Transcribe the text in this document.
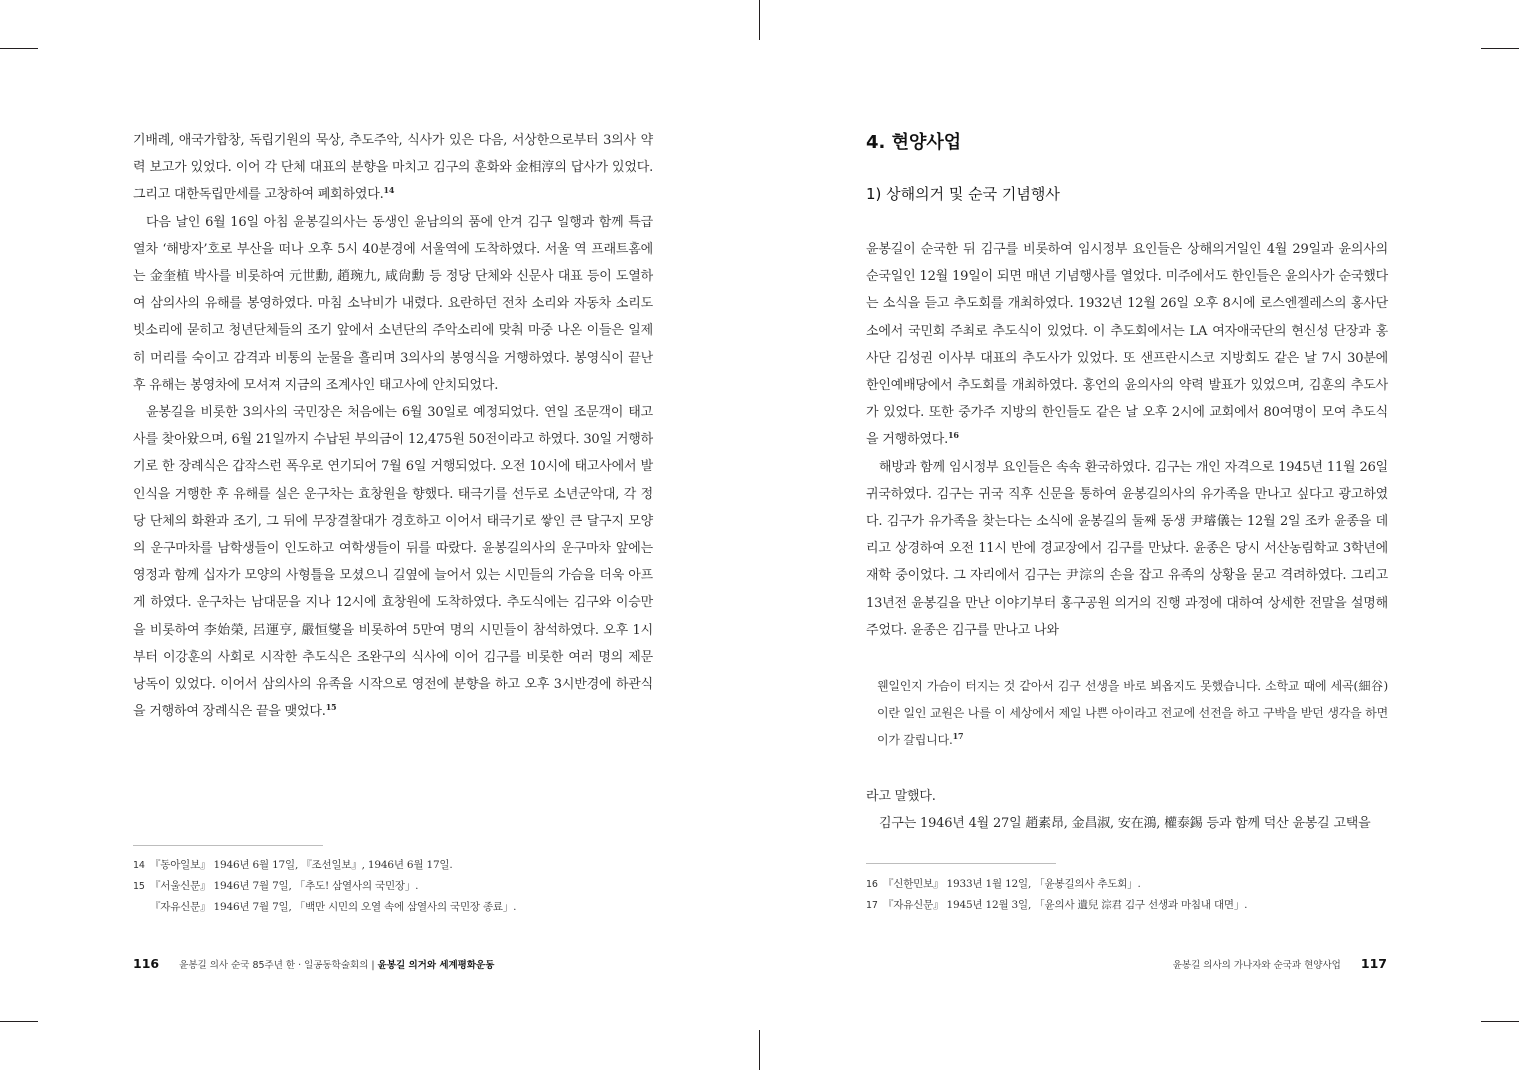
기배례, 애국가합창, 독립기원의 묵상, 추도주악, 식사가 있은 다음, 서상한으로부터 3의사 약력 보고가 있었다. 이어 각 단체 대표의 분향을 마치고 김구의 훈화와 金相淳의 답사가 있었다. 그리고 대한독립만세를 고창하여 폐회하였다.$^{14}$

다음 날인 6월 16일 아침 윤봉길의사는 동생인 윤남의의 품에 안겨 김구 일행과 함께 특급열차 ‘해방자’호로 부산을 떠나 오후 5시 40분경에 서울역에 도착하였다. 서울 역 프래트홈에는 金奎植 박사를 비롯하여 元世勳, 趙琬九, 咸尙勳 등 정당 단체와 신문사 대표 등이 도열하여 삼의사의 유해를 봉영하였다. 마침 소낙비가 내렸다. 요란하던 전차 소리와 자동차 소리도 빗소리에 묻히고 청년단체들의 조기 앞에서 소년단의 주악소리에 맞춰 마중 나온 이들은 일제히 머리를 숙이고 감격과 비통의 눈물을 흘리며 3의사의 봉영식을 거행하였다. 봉영식이 끝난 후 유해는 봉영차에 모셔져 지금의 조계사인 태고사에 안치되었다.

윤봉길을 비롯한 3의사의 국민장은 처음에는 6월 30일로 예정되었다. 연일 조문객이 태고사를 찾아왔으며, 6월 21일까지 수납된 부의금이 12,475원 50전이라고 하였다. 30일 거행하기로 한 장례식은 갑작스런 폭우로 연기되어 7월 6일 거행되었다. 오전 10시에 태고사에서 발인식을 거행한 후 유해를 실은 운구차는 효창원을 향했다. 태극기를 선두로 소년군악대, 각 정당 단체의 화환과 조기, 그 뒤에 무장결찰대가 경호하고 이어서 태극기로 쌓인 큰 달구지 모양의 운구마차를 남학생들이 인도하고 여학생들이 뒤를 따랐다. 윤봉길의사의 운구마차 앞에는 영정과 함께 십자가 모양의 사형틀을 모셨으니 길옆에 늘어서 있는 시민들의 가슴을 더욱 아프게 하였다. 운구차는 남대문을 지나 12시에 효창원에 도착하였다. 추도식에는 김구와 이승만을 비롯하여 李始榮, 呂運亨, 嚴恒燮을 비롯하여 5만여 명의 시민들이 참석하였다. 오후 1시부터 이강훈의 사회로 시작한 추도식은 조완구의 식사에 이어 김구를 비롯한 여러 명의 제문 낭독이 있었다. 이어서 삼의사의 유족을 시작으로 영전에 분향을 하고 오후 3시반경에 하관식을 거행하여 장례식은 끝을 맺었다.$^{15}$

14 『동아일보』 1946년 6월 17일, 『조선일보』, 1946년 6월 17일.

15 『서울신문』 1946년 7월 7일, 「추도! 삼열사의 국민장」.

『자유신문』 1946년 7월 7일, 「백만 시민의 오열 속에 삼열사의 국민장 종료」.

116 윤봉길 의사 순국 85주년 한 · 일공동학술회의 | 윤봉길 의거와 세계평화운동
4. 현양사업
1) 상해의거 및 순국 기념행사

윤봉길이 순국한 뒤 김구를 비롯하여 임시정부 요인들은 상해의거일인 4월 29일과 윤의사의 순국일인 12월 19일이 되면 매년 기념행사를 열었다. 미주에서도 한인들은 윤의사가 순국했다는 소식을 듣고 추도회를 개최하였다. 1932년 12월 26일 오후 8시에 로스엔젤레스의 홍사단소에서 국민회 주최로 추도식이 있었다. 이 추도회에서는 LA 여자애국단의 현신성 단장과 홍사단 김성권 이사부 대표의 추도사가 있었다. 또 샌프란시스코 지방회도 같은 날 7시 30분에 한인예배당에서 추도회를 개최하였다. 홍언의 윤의사의 약력 발표가 있었으며, 김훈의 추도사가 있었다. 또한 중가주 지방의 한인들도 같은 날 오후 2시에 교회에서 80여명이 모여 추도식을 거행하였다.$^{16}$

해방과 함께 임시정부 요인들은 속속 환국하였다. 김구는 개인 자격으로 1945년 11월 26일 귀국하였다. 김구는 귀국 직후 신문을 통하여 윤봉길의사의 유가족을 만나고 싶다고 광고하였다. 김구가 유가족을 찾는다는 소식에 윤봉길의 둘째 동생 尹璿儀는 12월 2일 조카 윤종을 데리고 상경하여 오전 11시 반에 경교장에서 김구를 만났다. 윤종은 당시 서산농림학교 3학년에 재학 중이었다. 그 자리에서 김구는 尹淙의 손을 잡고 유족의 상황을 묻고 격려하였다. 그리고 13년전 윤봉길을 만난 이야기부터 홍구공원 의거의 진행 과정에 대하여 상세한 전말을 설명해 주었다. 윤종은 김구를 만나고 나와

웬일인지 가슴이 터지는 것 같아서 김구 선생을 바로 뵈옵지도 못했습니다. 소학교 때에 세곡(細谷)이란 일인 교원은 나를 이 세상에서 제일 나쁜 아이라고 전교에 선전을 하고 구박을 받던 생각을 하면 이가 갈립니다.$^{17}$

라고 말했다.

김구는 1946년 4월 27일 趙素昂, 金昌淑, 安在鴻, 權泰錫 등과 함께 덕산 윤봉길 고택을

16 『신한민보』 1933년 1월 12일, 「윤봉길의사 추도회」.

17 『자유신문』 1945년 12월 3일, 「윤의사 遺兒 淙君 김구 선생과 마침내 대면」.

윤봉길 의사의 가나자와 순국과 현양사업 117
